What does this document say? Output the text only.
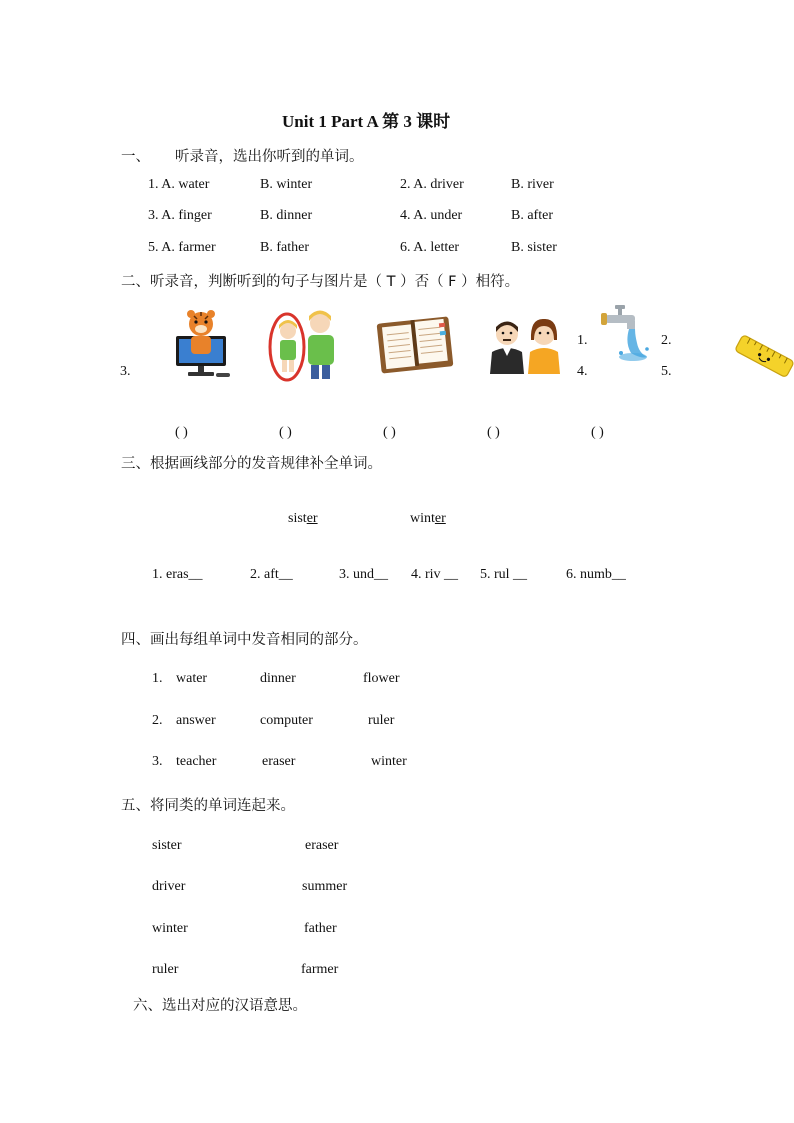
Unit 1 Part A 第 3 课时
一、 听录音，选出你听到的单词。
1. A. water	B. winter	2. A. driver	B. river
3. A. finger	B. dinner	4. A. under	B. after
5. A. farmer	B. father	6. A. letter	B. sister
二、听录音，判断听到的句子与图片是（ T ）否（ F ）相符。
3.
1.
4.
2.
5.
( )	( )	( )	( )	( )
三、根据画线部分的发音规律补全单词。
sister	winter
1. eras__	2. aft__	3. und__ 4. riv __ 5. rul __	6. numb__
四、画出每组单词中发音相同的部分。
1. water	dinner	flower
2. answer	computer	ruler
3. teacher	eraser	winter
五、将同类的单词连起来。
sister	eraser
driver	summer
winter	father
ruler	farmer
六、选出对应的汉语意思。
